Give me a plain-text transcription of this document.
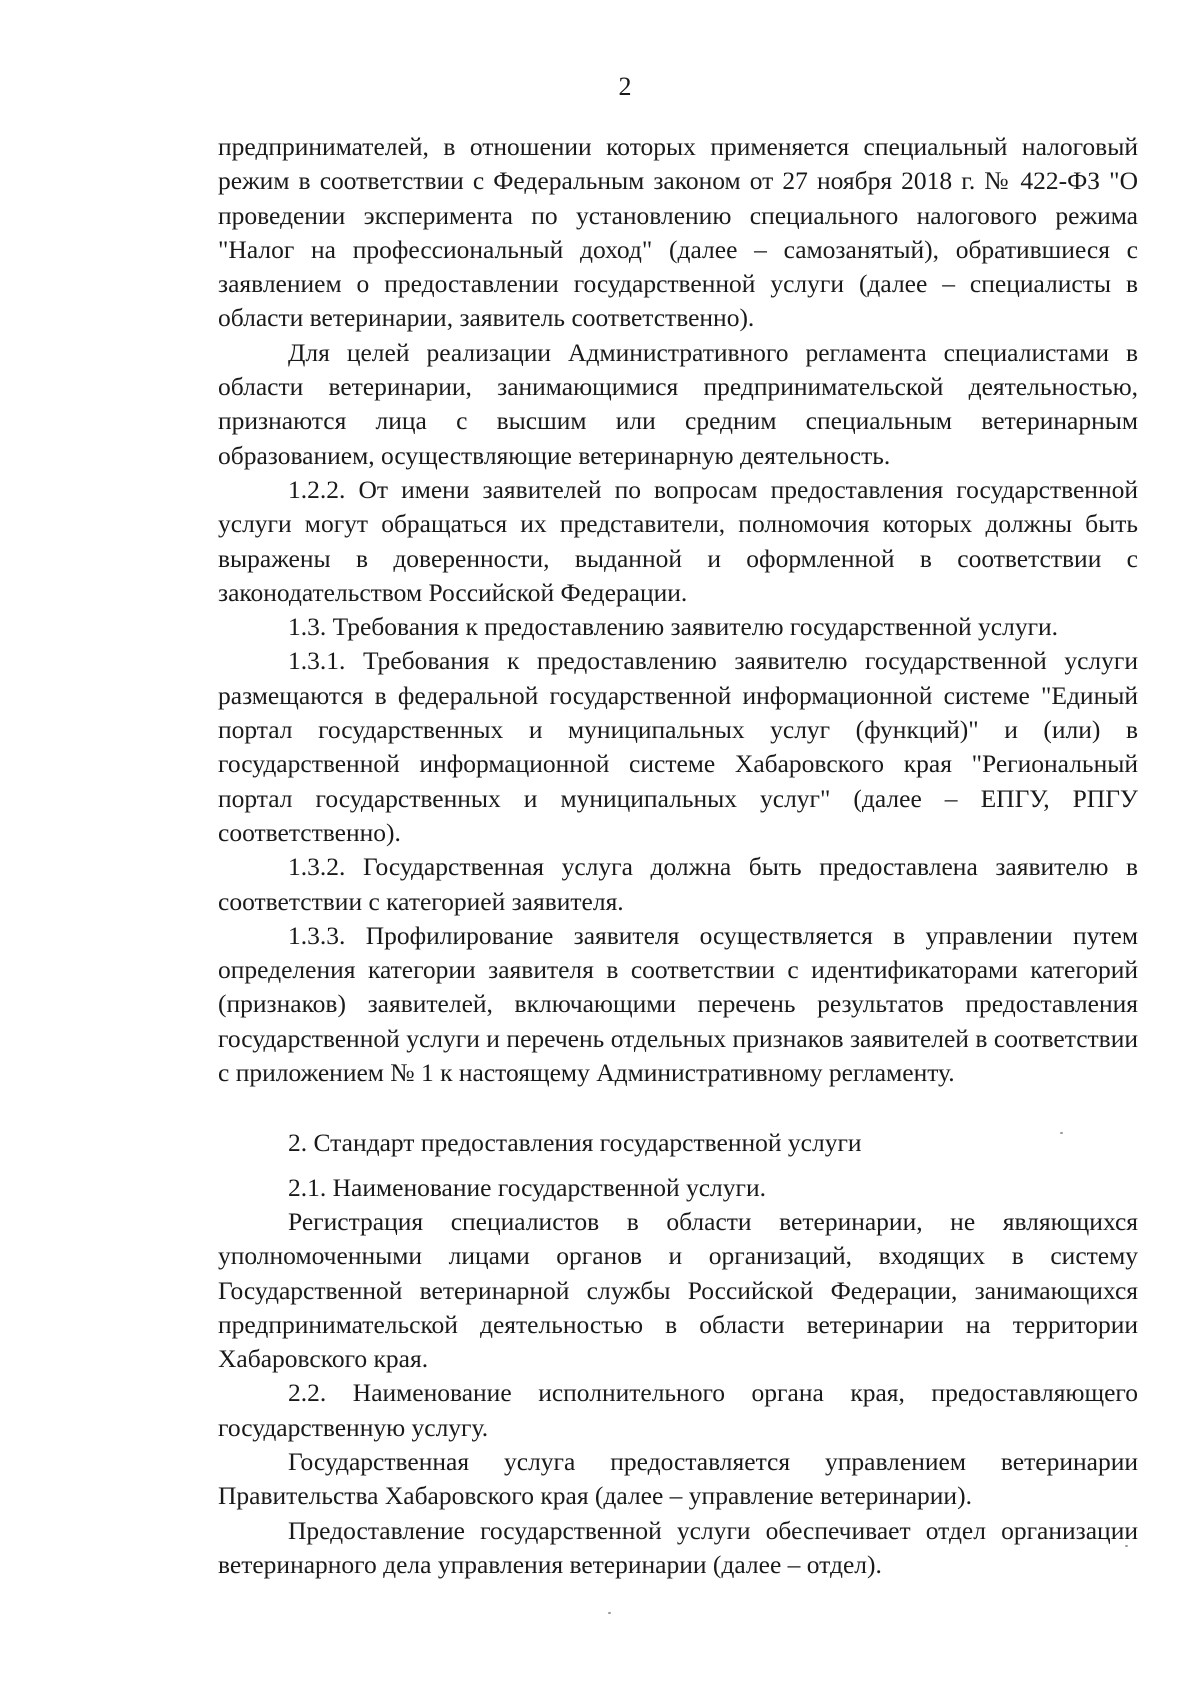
2

предпринимателей, в отношении которых применяется специальный налоговый режим в соответствии с Федеральным законом от 27 ноября 2018 г. № 422-ФЗ "О проведении эксперимента по установлению специального налогового режима "Налог на профессиональный доход" (далее – самозанятый), обратившиеся с заявлением о предоставлении государственной услуги (далее – специалисты в области ветеринарии, заявитель соответственно).

Для целей реализации Административного регламента специалистами в области ветеринарии, занимающимися предпринимательской деятельностью, признаются лица с высшим или средним специальным ветеринарным образованием, осуществляющие ветеринарную деятельность.

1.2.2. От имени заявителей по вопросам предоставления государственной услуги могут обращаться их представители, полномочия которых должны быть выражены в доверенности, выданной и оформленной в соответствии с законодательством Российской Федерации.

1.3. Требования к предоставлению заявителю государственной услуги.

1.3.1. Требования к предоставлению заявителю государственной услуги размещаются в федеральной государственной информационной системе "Единый портал государственных и муниципальных услуг (функций)" и (или) в государственной информационной системе Хабаровского края "Региональный портал государственных и муниципальных услуг" (далее – ЕПГУ, РПГУ соответственно).

1.3.2. Государственная услуга должна быть предоставлена заявителю в соответствии с категорией заявителя.

1.3.3. Профилирование заявителя осуществляется в управлении путем определения категории заявителя в соответствии с идентификаторами категорий (признаков) заявителей, включающими перечень результатов предоставления государственной услуги и перечень отдельных признаков заявителей в соответствии с приложением № 1 к настоящему Административному регламенту.

2. Стандарт предоставления государственной услуги

2.1. Наименование государственной услуги.

Регистрация специалистов в области ветеринарии, не являющихся уполномоченными лицами органов и организаций, входящих в систему Государственной ветеринарной службы Российской Федерации, занимающихся предпринимательской деятельностью в области ветеринарии на территории Хабаровского края.

2.2. Наименование исполнительного органа края, предоставляющего государственную услугу.

Государственная услуга предоставляется управлением ветеринарии Правительства Хабаровского края (далее – управление ветеринарии).

Предоставление государственной услуги обеспечивает отдел организации ветеринарного дела управления ветеринарии (далее – отдел).
